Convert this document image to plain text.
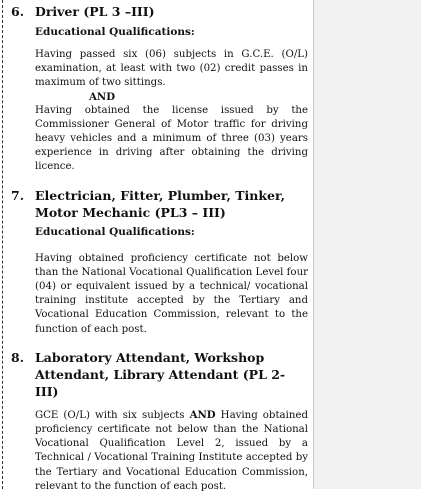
6. Driver (PL 3 –III)
Educational Qualifications:
Having passed six (06) subjects in G.C.E. (O/L) examination, at least with two (02) credit passes in maximum of two sittings.
AND
Having obtained the license issued by the Commissioner General of Motor traffic for driving heavy vehicles and a minimum of three (03) years experience in driving after obtaining the driving licence.
7. Electrician, Fitter, Plumber, Tinker,
Motor Mechanic (PL3 – III)
Educational Qualifications:
Having obtained proficiency certificate not below than the National Vocational Qualification Level four (04) or equivalent issued by a technical/ vocational training institute accepted by the Tertiary and Vocational Education Commission, relevant to the function of each post.
8. Laboratory Attendant, Workshop
Attendant, Library Attendant (PL 2-III)
GCE (O/L) with six subjects AND Having obtained proficiency certificate not below than the National Vocational Qualification Level 2, issued by a Technical / Vocational Training Institute accepted by the Tertiary and Vocational Education Commission, relevant to the function of each post.
